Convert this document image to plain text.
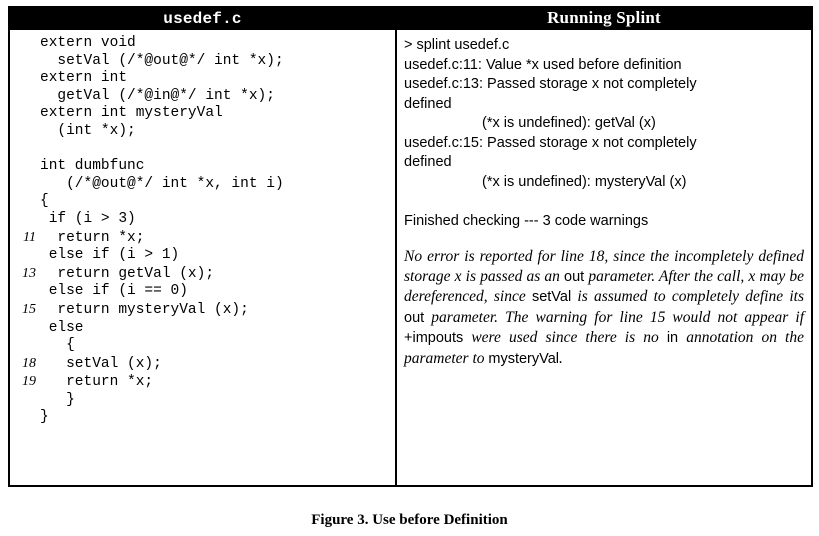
usedef.c	Running Splint

extern void
setVal (/*@out@*/ int *x);
extern int
getVal (/*@in@*/ int *x);
extern int mysteryVal
(int *x);

int dumbfunc
(/*@out@*/ int *x, int i)
{
if (i > 3)
11 return *x;
else if (i > 1)
13 return getVal (x);
else if (i == 0)
15 return mysteryVal (x);
else
{
18 setVal (x);
19 return *x;
}
}

> splint usedef.c
usedef.c:11: Value *x used before definition
usedef.c:13: Passed storage x not completely
defined
(*x is undefined): getVal (x)
usedef.c:15: Passed storage x not completely
defined
(*x is undefined): mysteryVal (x)

Finished checking --- 3 code warnings
No error is reported for line 18, since the incompletely defined storage x is passed as an out parameter. After the call, x may be dereferenced, since setVal is assumed to completely define its out parameter. The warning for line 15 would not appear if +impouts were used since there is no in annotation on the parameter to mysteryVal.
Figure 3. Use before Definition
